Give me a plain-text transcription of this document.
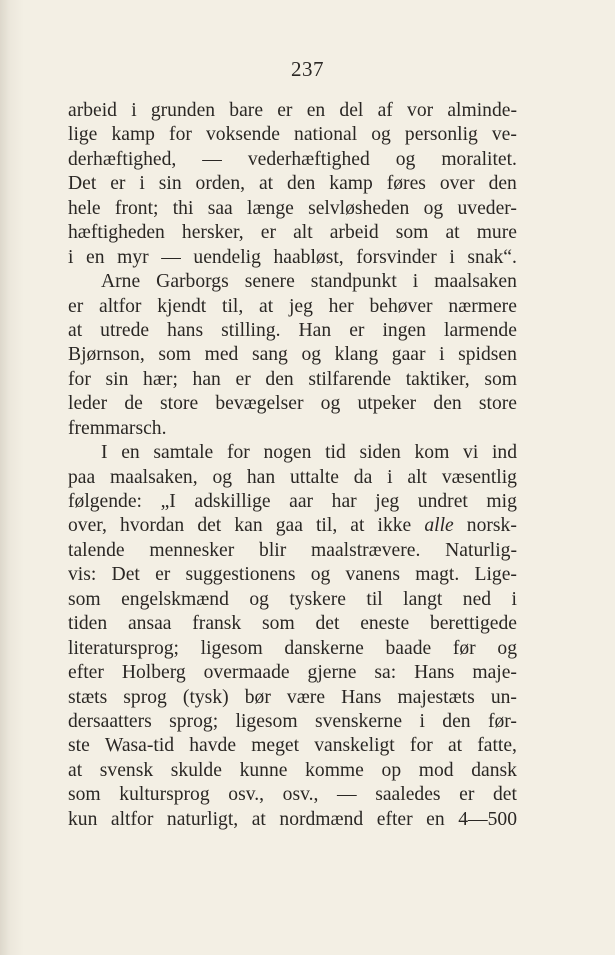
237
arbeid i grunden bare er en del af vor alminde-
lige kamp for voksende national og personlig ve-
derhæftighed, — vederhæftighed og moralitet.
Det er i sin orden, at den kamp føres over den
hele front; thi saa længe selvløsheden og uveder-
hæftigheden hersker, er alt arbeid som at mure
i en myr — uendelig haabløst, forsvinder i snak“.
Arne Garborgs senere standpunkt i maalsaken
er altfor kjendt til, at jeg her behøver nærmere
at utrede hans stilling. Han er ingen larmende
Bjørnson, som med sang og klang gaar i spidsen
for sin hær; han er den stilfarende taktiker, som
leder de store bevægelser og utpeker den store
fremmarsch.
I en samtale for nogen tid siden kom vi ind
paa maalsaken, og han uttalte da i alt væsentlig
følgende: „I adskillige aar har jeg undret mig
over, hvordan det kan gaa til, at ikke alle norsk-
talende mennesker blir maalstrævere. Naturlig-
vis: Det er suggestionens og vanens magt. Lige-
som engelskmænd og tyskere til langt ned i
tiden ansaa fransk som det eneste berettigede
literatursprog; ligesom danskerne baade før og
efter Holberg overmaade gjerne sa: Hans maje-
stæts sprog (tysk) bør være Hans majestæts un-
dersaatters sprog; ligesom svenskerne i den før-
ste Wasa-tid havde meget vanskeligt for at fatte,
at svensk skulde kunne komme op mod dansk
som kultursprog osv., osv., — saaledes er det
kun altfor naturligt, at nordmænd efter en 4—500
